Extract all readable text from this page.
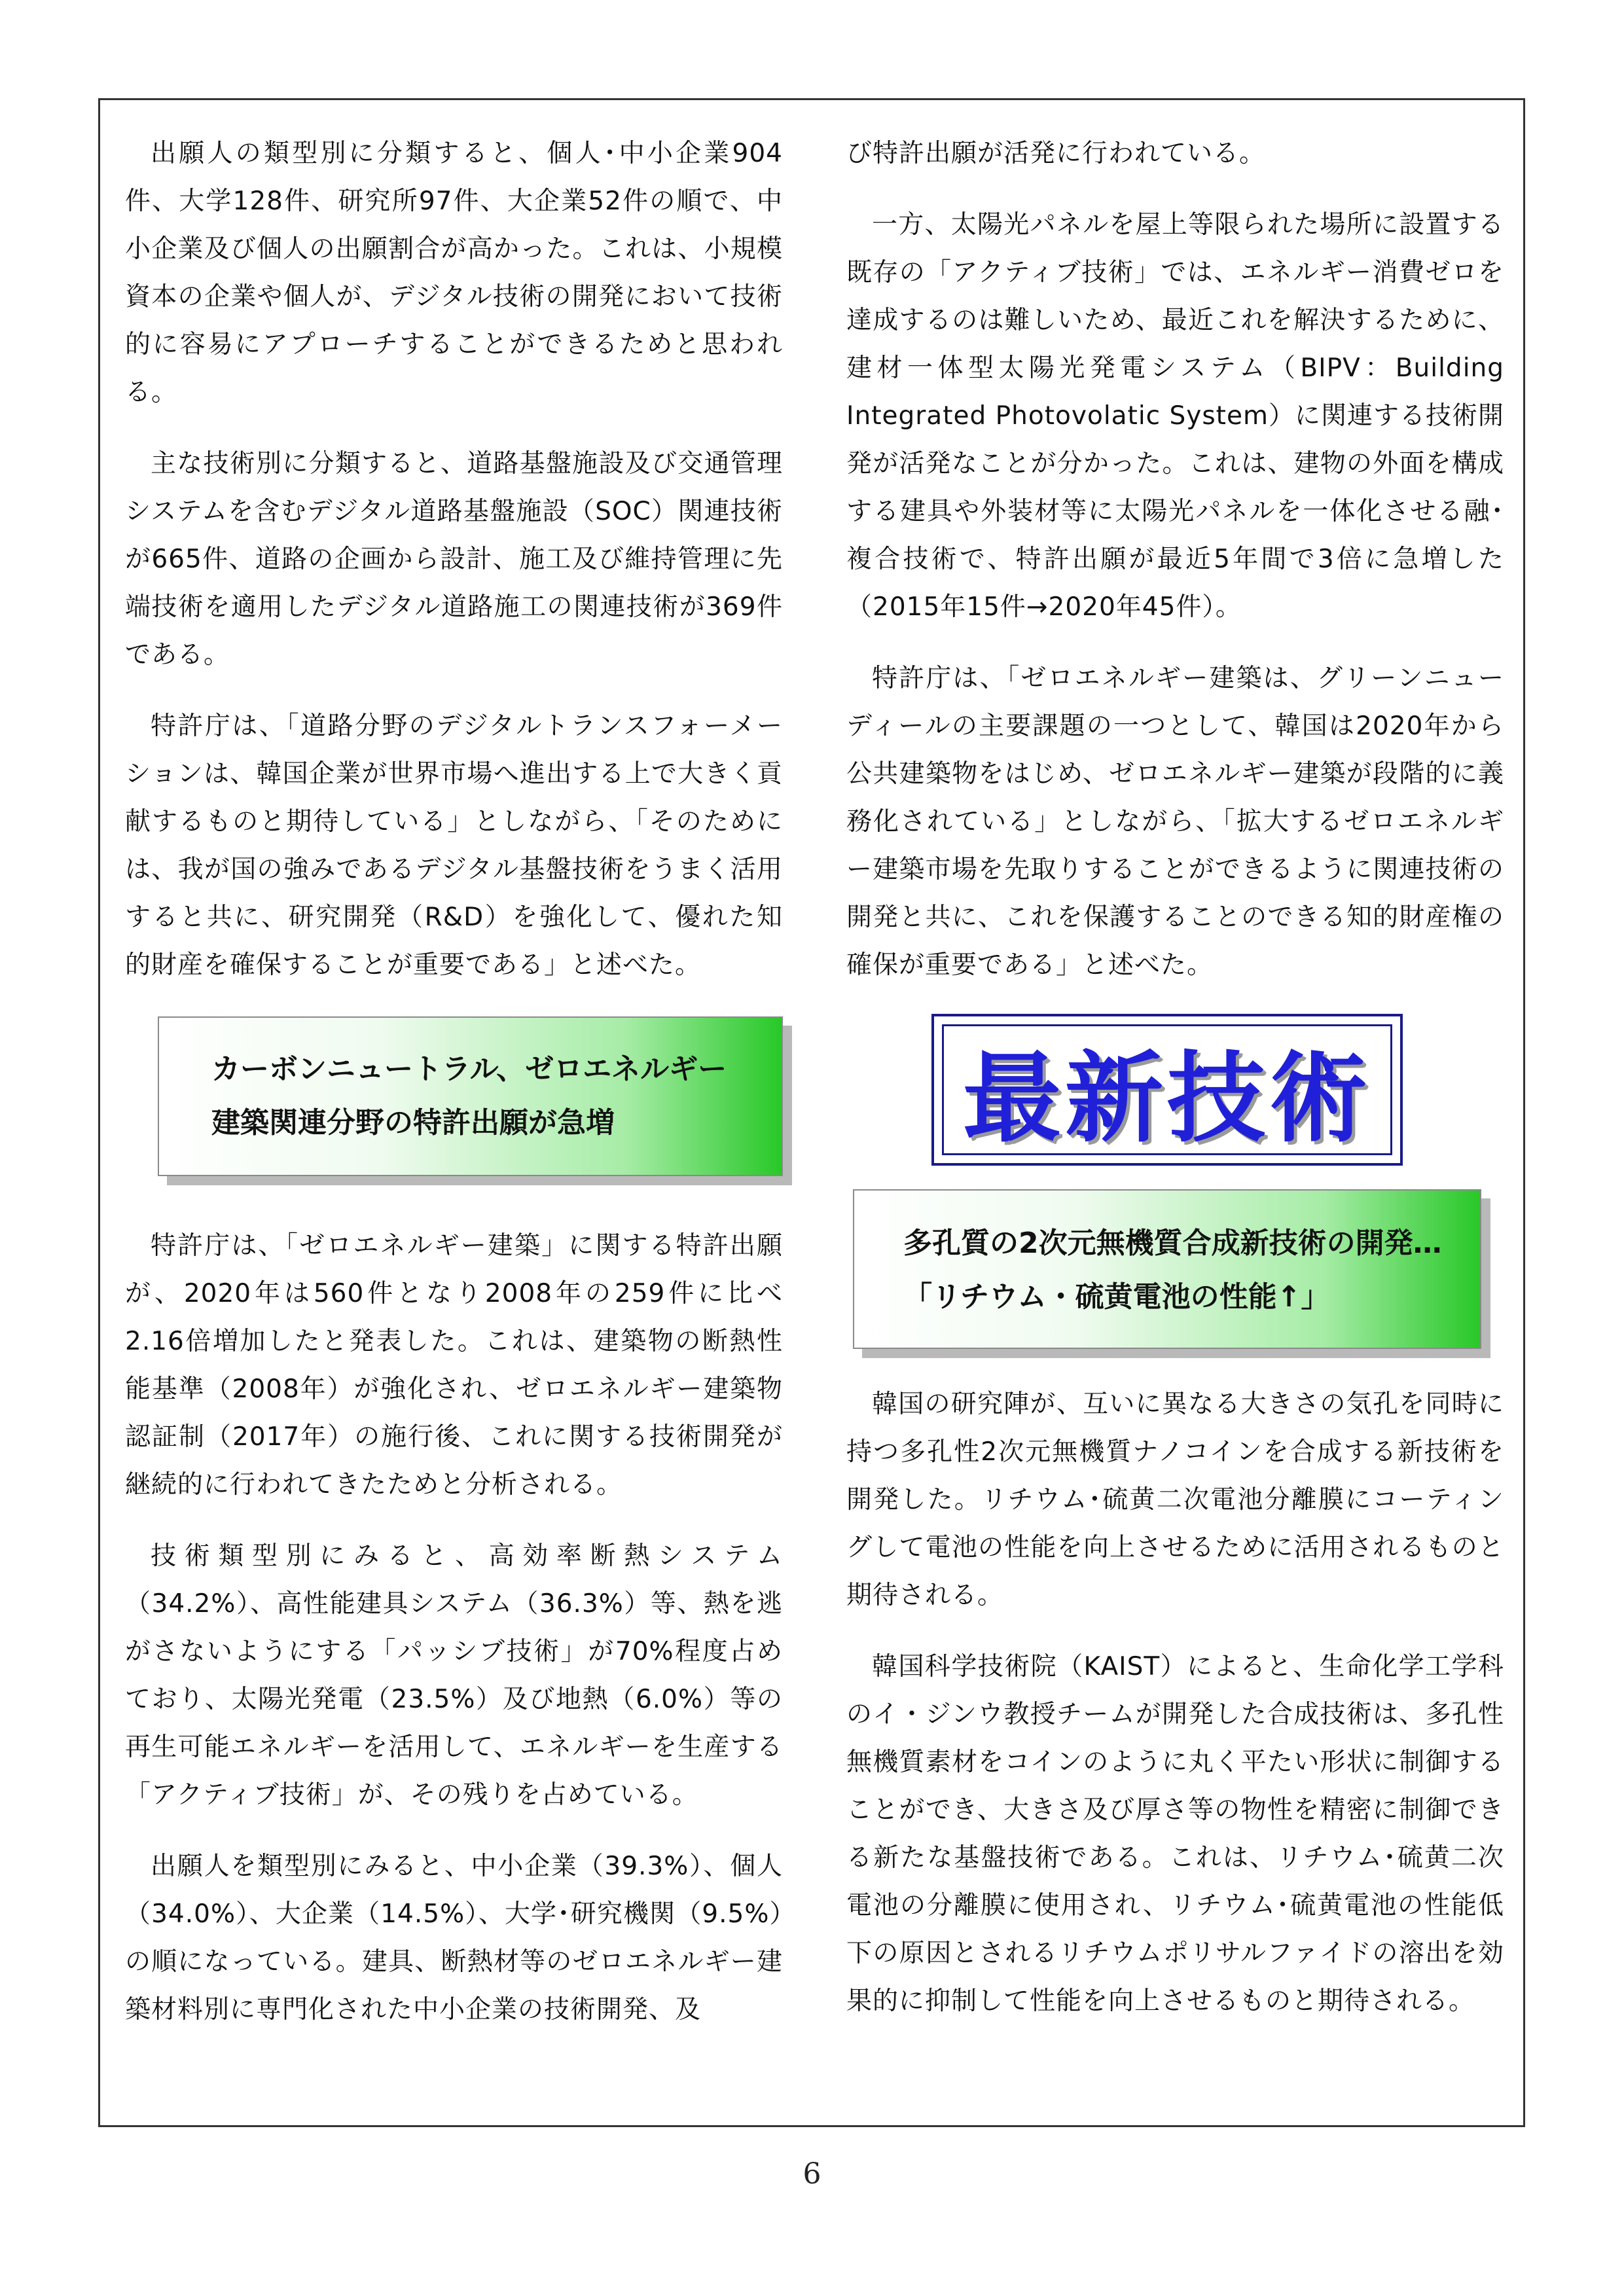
出願人の類型別に分類すると、個人･中小企業904件、大学128件、研究所97件、大企業52件の順で、中小企業及び個人の出願割合が高かった。これは、小規模資本の企業や個人が、デジタル技術の開発において技術的に容易にアプローチすることができるためと思われる。

主な技術別に分類すると、道路基盤施設及び交通管理システムを含むデジタル道路基盤施設（SOC）関連技術が665件、道路の企画から設計、施工及び維持管理に先端技術を適用したデジタル道路施工の関連技術が369件である。

特許庁は、「道路分野のデジタルトランスフォーメーションは、韓国企業が世界市場へ進出する上で大きく貢献するものと期待している」としながら、「そのためには、我が国の強みであるデジタル基盤技術をうまく活用すると共に、研究開発（R&D）を強化して、優れた知的財産を確保することが重要である」と述べた。

カーボンニュートラル、ゼロエネルギー建築関連分野の特許出願が急増

特許庁は、「ゼロエネルギー建築」に関する特許出願が、2020年は560件となり2008年の259件に比べ2.16倍増加したと発表した。これは、建築物の断熱性能基準（2008年）が強化され、ゼロエネルギー建築物認証制（2017年）の施行後、これに関する技術開発が継続的に行われてきたためと分析される。

技術類型別にみると、高効率断熱システム（34.2%）、高性能建具システム（36.3%）等、熱を逃がさないようにする「パッシブ技術」が70%程度占めており、太陽光発電（23.5%）及び地熱（6.0%）等の再生可能エネルギーを活用して、エネルギーを生産する「アクティブ技術」が、その残りを占めている。

出願人を類型別にみると、中小企業（39.3%）、個人（34.0%）、大企業（14.5%）、大学･研究機関（9.5%）の順になっている。建具、断熱材等のゼロエネルギー建築材料別に専門化された中小企業の技術開発、及

び特許出願が活発に行われている。

一方、太陽光パネルを屋上等限られた場所に設置する既存の「アクティブ技術」では、エネルギー消費ゼロを達成するのは難しいため、最近これを解決するために、建材一体型太陽光発電システム（BIPV：Building Integrated Photovolatic System）に関連する技術開発が活発なことが分かった。これは、建物の外面を構成する建具や外装材等に太陽光パネルを一体化させる融･複合技術で、特許出願が最近5年間で3倍に急増した（2015年15件→2020年45件）。

特許庁は、「ゼロエネルギー建築は、グリーンニューディールの主要課題の一つとして、韓国は2020年から公共建築物をはじめ、ゼロエネルギー建築が段階的に義務化されている」としながら、「拡大するゼロエネルギー建築市場を先取りすることができるように関連技術の開発と共に、これを保護することのできる知的財産権の確保が重要である」と述べた。

最新技術
多孔質の2次元無機質合成新技術の開発…「リチウム・硫黄電池の性能↑」

韓国の研究陣が、互いに異なる大きさの気孔を同時に持つ多孔性2次元無機質ナノコインを合成する新技術を開発した。リチウム･硫黄二次電池分離膜にコーティングして電池の性能を向上させるために活用されるものと期待される。

韓国科学技術院（KAIST）によると、生命化学工学科のイ・ジンウ教授チームが開発した合成技術は、多孔性無機質素材をコインのように丸く平たい形状に制御することができ、大きさ及び厚さ等の物性を精密に制御できる新たな基盤技術である。これは、リチウム･硫黄二次電池の分離膜に使用され、リチウム･硫黄電池の性能低下の原因とされるリチウムポリサルファイドの溶出を効果的に抑制して性能を向上させるものと期待される。

6
